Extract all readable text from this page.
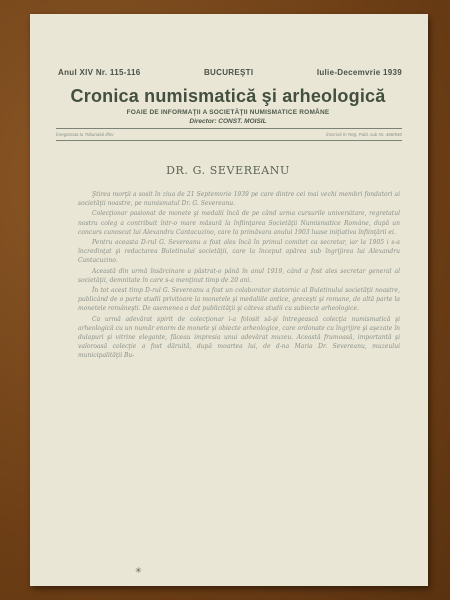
Anul XIV Nr. 115-116	BUCUREŞTI	Iulie-Decemvrie 1939
Cronica numismatică şi arheologică
FOAIE DE INFORMAŢII A SOCIETĂŢII NUMISMATICE ROMÂNE
Director: CONST. MOISIL
Înregistrata la Tribunalul Ilfov	Înscrisă în Reg. Publ. sub Nr. 466/940
DR. G. SEVEREANU

Ştirea morţii a sosit în ziua de 21 Septemvrie 1939 pe care dintre cei mai vechi membri fondatori ai societăţii noastre, pe numismatul Dr. G. Severeanu.

Colecţionar pasionat de monete şi medalii încă de pe când urma cursurile universitare, regretatul nostru coleg a contribuit într-o mare măsură la înfiinţarea Societăţii Numismatice Române, după un concurs cunoscut lui Alexandru Cantacuzino, care la primăvara anului 1903 luase iniţiativa înfiinţării ei.

Pentru aceasta D-rul G. Severeanu a fost ales încă în primul comitet ca secretar, iar la 1905 i s-a încredinţat şi redactarea Buletinului societăţii, care la început apărea sub îngrijirea lui Alexandru Cantacuzino.

Această din urmă însărcinare a păstrat-o până în anul 1919, când a fost ales secretar general al societăţii, demnitate în care s-a menţinut timp de 20 ani.

În tot acest timp D-rul G. Severeanu a fost un colaborator statornic al Buletinului societăţii noastre, publicând de o parte studii privitoare la monetele şi medaliile antice, greceşti şi romane, de altă parte la monetele româneşti. De asemenea a dat publicităţii şi câteva studii cu subiecte arheologice.

Ca urmă adevărat spirit de colecţionar i-a folosit să-şi întregească colecţia numismatică şi arheologică cu un număr enorm de monete şi obiecte arheologice, care ordonate cu îngrijire şi aşezate în dulapuri şi vitrine elegante, făceau impresia unui adevărat muzeu. Această frumoasă, importantă şi valoroasă colecţie a fost dăruită, după moartea lui, de d-na Maria Dr. Severeanu, muzeului municipalităţii Bu-

✳
